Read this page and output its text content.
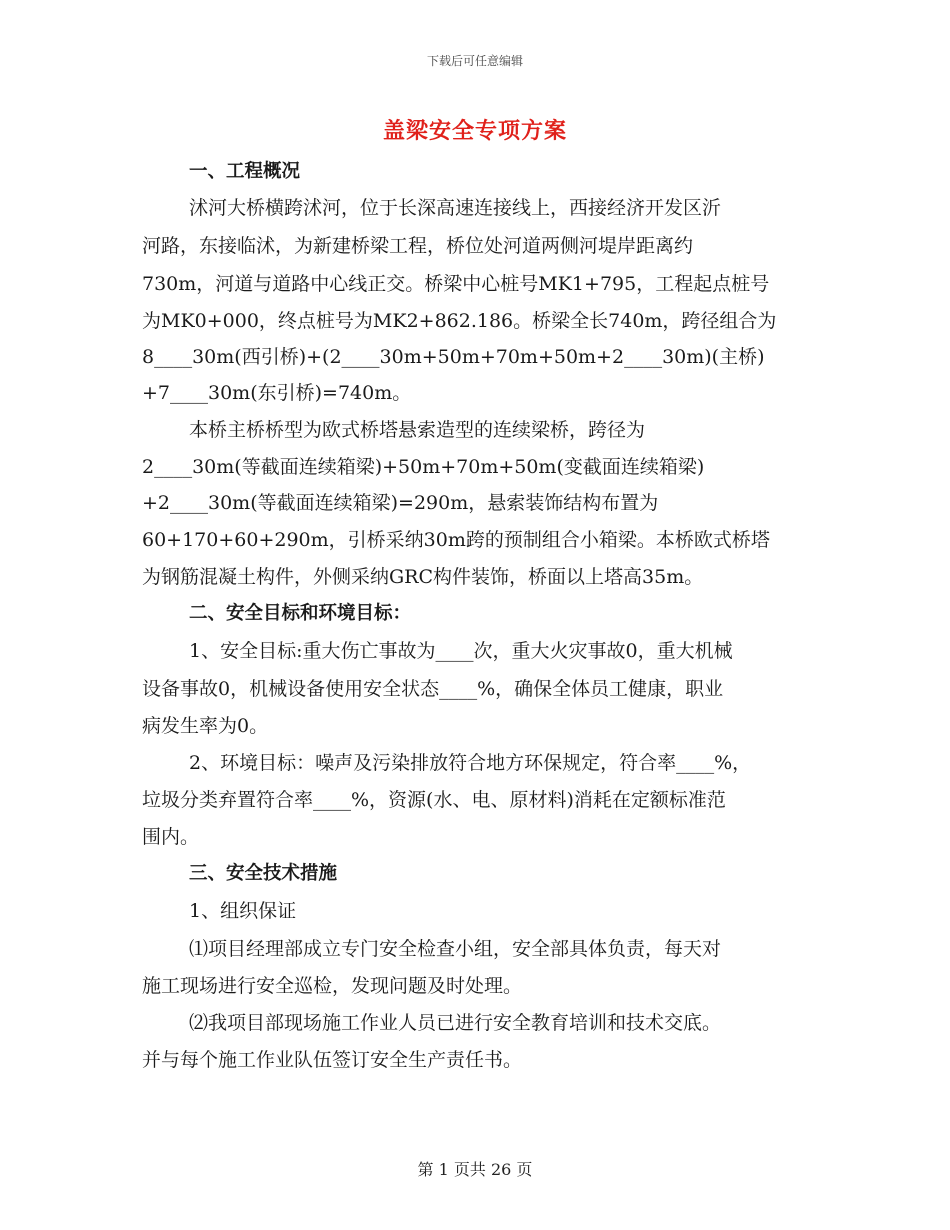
下载后可任意编辑
盖梁安全专项方案
一、工程概况
沭河大桥横跨沭河，位于长深高速连接线上，西接经济开发区沂
河路，东接临沭，为新建桥梁工程，桥位处河道两侧河堤岸距离约
730m，河道与道路中心线正交。桥梁中心桩号MK1+795，工程起点桩号
为MK0+000，终点桩号为MK2+862.186。桥梁全长740m，跨径组合为
8____30m(西引桥)+(2____30m+50m+70m+50m+2____30m)(主桥)
+7____30m(东引桥)=740m。
本桥主桥桥型为欧式桥塔悬索造型的连续梁桥，跨径为
2____30m(等截面连续箱梁)+50m+70m+50m(变截面连续箱梁)
+2____30m(等截面连续箱梁)=290m，悬索装饰结构布置为
60+170+60+290m，引桥采纳30m跨的预制组合小箱梁。本桥欧式桥塔
为钢筋混凝土构件，外侧采纳GRC构件装饰，桥面以上塔高35m。
二、安全目标和环境目标：
1、安全目标:重大伤亡事故为____次，重大火灾事故0，重大机械
设备事故0，机械设备使用安全状态____%，确保全体员工健康，职业
病发生率为0。
2、环境目标：噪声及污染排放符合地方环保规定，符合率____%，
垃圾分类弃置符合率____%，资源(水、电、原材料)消耗在定额标准范
围内。
三、安全技术措施
1、组织保证
⑴项目经理部成立专门安全检查小组，安全部具体负责，每天对
施工现场进行安全巡检，发现问题及时处理。
⑵我项目部现场施工作业人员已进行安全教育培训和技术交底。
并与每个施工作业队伍签订安全生产责任书。
第 1 页共 26 页
